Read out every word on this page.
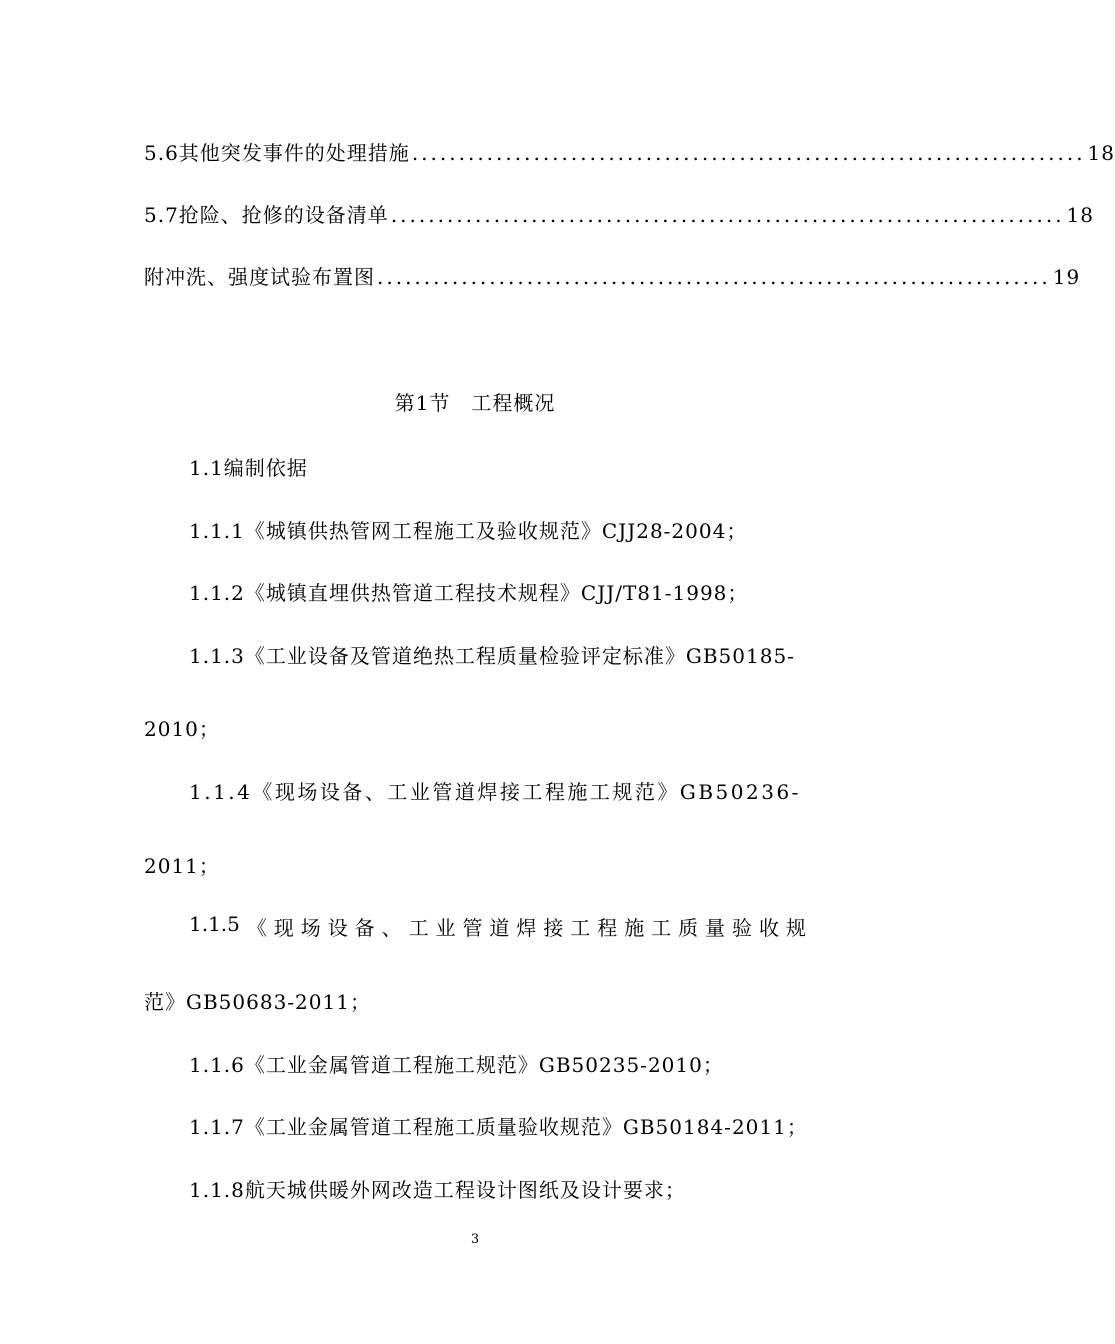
5.6其他突发事件的处理措施 ........................................................................ 18
5.7抢险、抢修的设备清单 ........................................................................ 18
附冲洗、强度试验布置图 ........................................................................ 19
第1节　工程概况
1.1编制依据
1.1.1《城镇供热管网工程施工及验收规范》CJJ28-2004；
1.1.2《城镇直埋供热管道工程技术规程》CJJ/T81-1998；
1.1.3《工业设备及管道绝热工程质量检验评定标准》GB50185-
2010；
1.1.4《现场设备、工业管道焊接工程施工规范》GB50236-
2011；
1.1.5 《 现 场 设 备 、 工 业 管 道 焊 接 工 程 施 工 质 量 验 收 规
范》GB50683-2011；
1.1.6《工业金属管道工程施工规范》GB50235-2010；
1.1.7《工业金属管道工程施工质量验收规范》GB50184-2011；
1.1.8航天城供暖外网改造工程设计图纸及设计要求；
3
